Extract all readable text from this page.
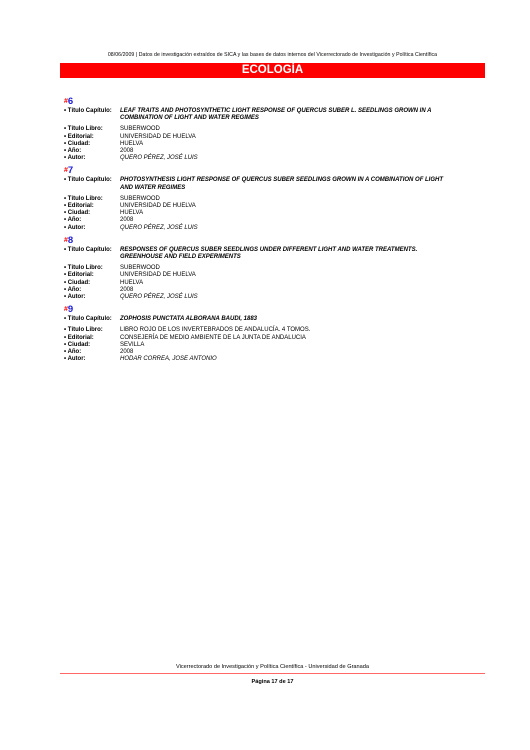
08/06/2009 | Datos de investigación extraídos de SICA y las bases de datos internos del Vicerrectorado de Investigación y Política Científica
ECOLOGÍA
#6
• Título Capítulo:	LEAF TRAITS AND PHOTOSYNTHETIC LIGHT RESPONSE OF QUERCUS SUBER L. SEEDLINGS GROWN IN A COMBINATION OF LIGHT AND WATER REGIMES
• Título Libro:	SUBERWOOD
• Editorial:	UNIVERSIDAD DE HUELVA
• Ciudad:	HUELVA
• Año:	2008
• Autor:	QUERO PÉREZ, JOSÉ LUIS
#7
• Título Capítulo:	PHOTOSYNTHESIS LIGHT RESPONSE OF QUERCUS SUBER SEEDLINGS GROWN IN A COMBINATION OF LIGHT AND WATER REGIMES
• Título Libro:	SUBERWOOD
• Editorial:	UNIVERSIDAD DE HUELVA
• Ciudad:	HUELVA
• Año:	2008
• Autor:	QUERO PÉREZ, JOSÉ LUIS
#8
• Título Capítulo:	RESPONSES OF QUERCUS SUBER SEEDLINGS UNDER DIFFERENT LIGHT AND WATER TREATMENTS. GREENHOUSE AND FIELD EXPERIMENTS
• Título Libro:	SUBERWOOD
• Editorial:	UNIVERSIDAD DE HUELVA
• Ciudad:	HUELVA
• Año:	2008
• Autor:	QUERO PÉREZ, JOSÉ LUIS
#9
• Título Capítulo:	ZOPHOSIS PUNCTATA ALBORANA BAUDI, 1883
• Título Libro:	LIBRO ROJO DE LOS INVERTEBRADOS DE ANDALUCÍA. 4 TOMOS.
• Editorial:	CONSEJERÍA DE MEDIO AMBIENTE DE LA JUNTA DE ANDALUCIA
• Ciudad:	SEVILLA
• Año:	2008
• Autor:	HODAR CORREA, JOSE ANTONIO
Vicerrectorado de Investigación y Política Científica - Universidad de Granada
Página 17 de 17
